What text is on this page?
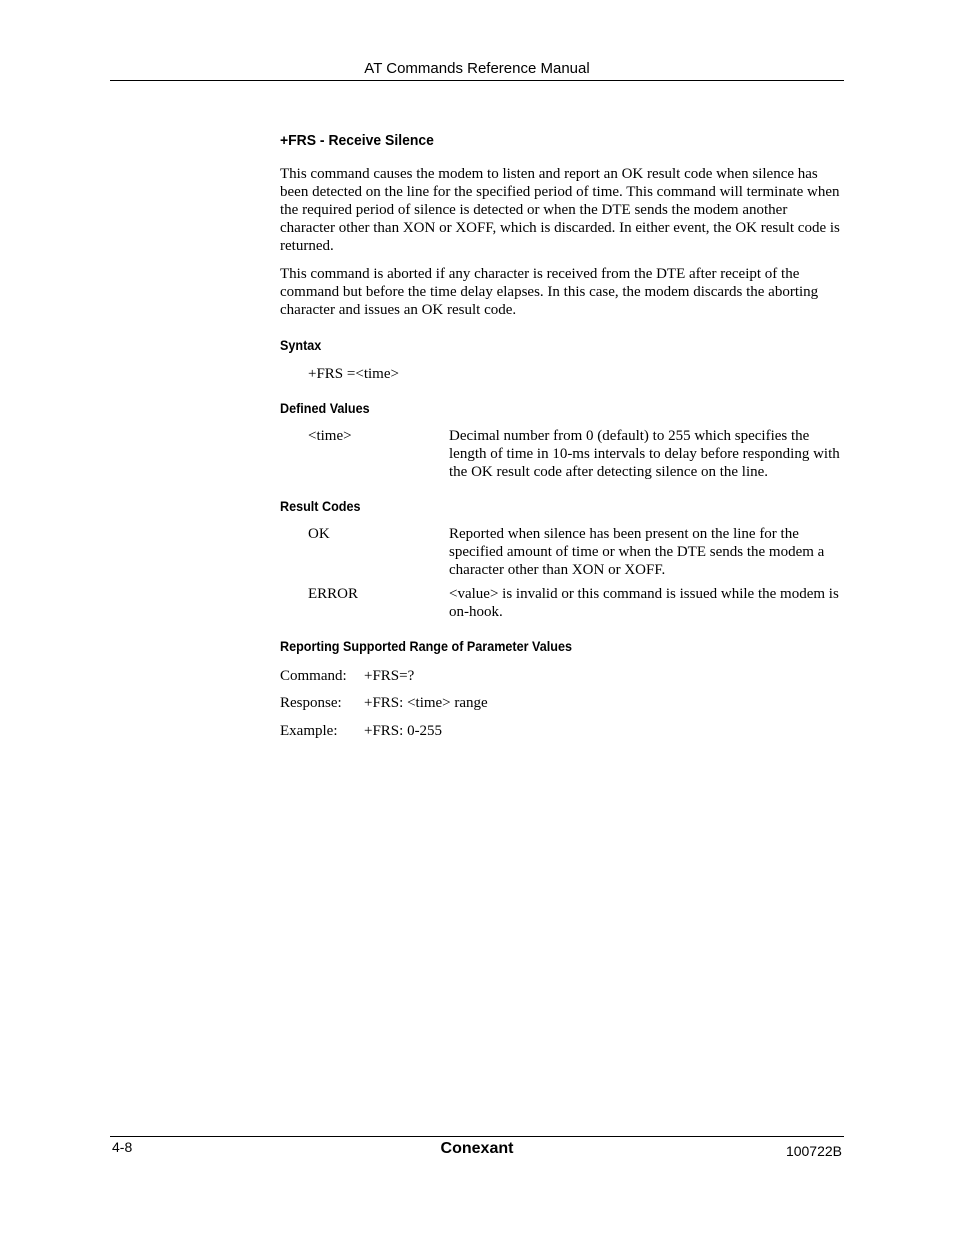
AT Commands Reference Manual
+FRS - Receive Silence

This command causes the modem to listen and report an OK result code when silence has been detected on the line for the specified period of time. This command will terminate when the required period of silence is detected or when the DTE sends the modem another character other than XON or XOFF, which is discarded. In either event, the OK result code is returned.

This command is aborted if any character is received from the DTE after receipt of the command but before the time delay elapses. In this case, the modem discards the aborting character and issues an OK result code.

Syntax
+FRS =<time>
Defined Values
<time>	Decimal number from 0 (default) to 255 which specifies the length of time in 10-ms intervals to delay before responding with the OK result code after detecting silence on the line.
Result Codes
OK	Reported when silence has been present on the line for the specified amount of time or when the DTE sends the modem a character other than XON or XOFF.
ERROR	<value> is invalid or this command is issued while the modem is on-hook.
Reporting Supported Range of Parameter Values
Command: +FRS=?
Response: +FRS: <time> range
Example: +FRS: 0-255
4-8	Conexant	100722B
